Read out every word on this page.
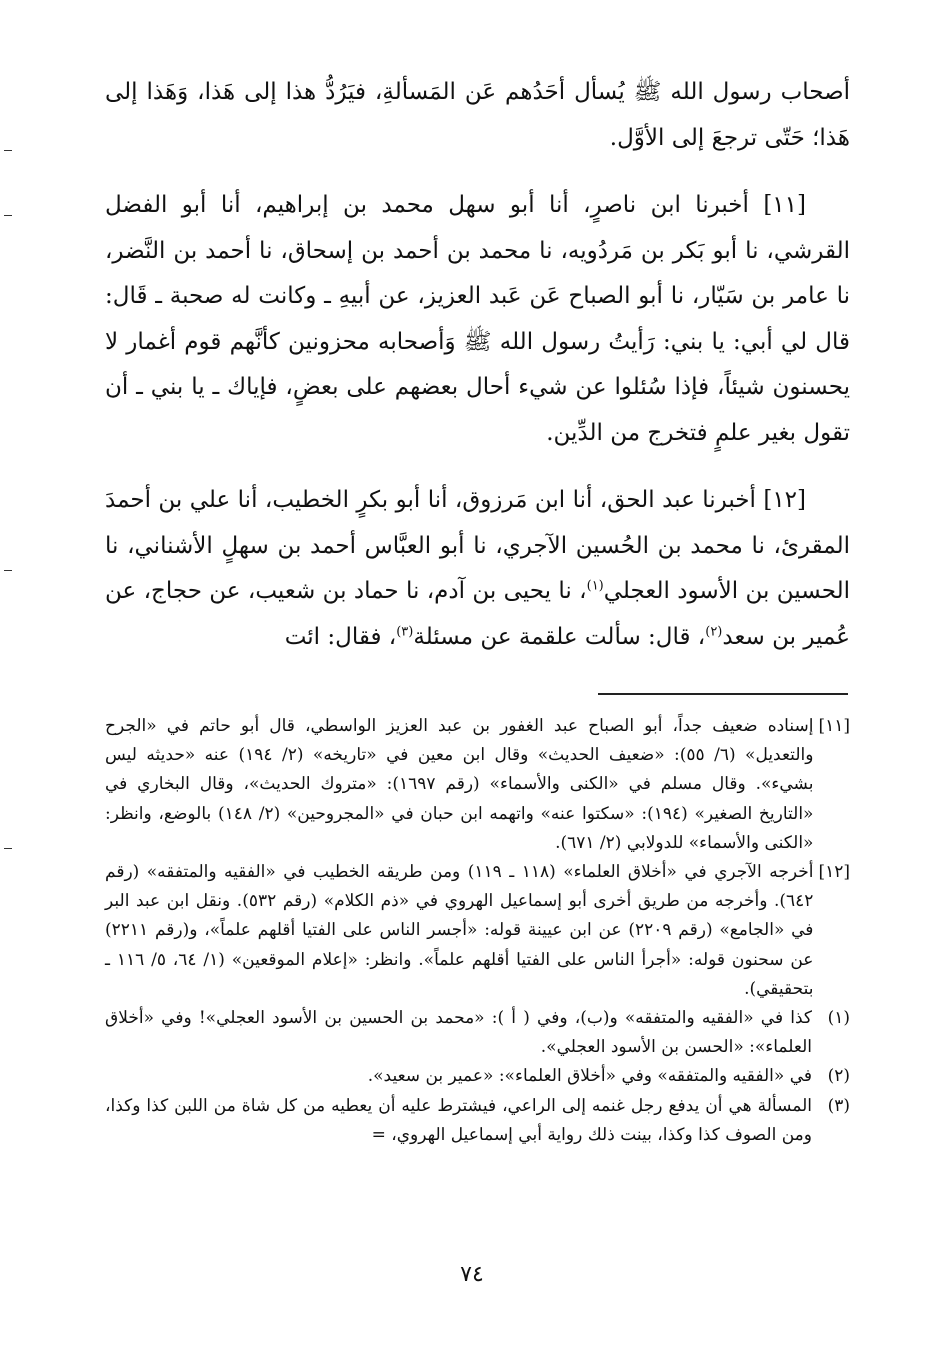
أصحاب رسول الله ﷺ يُسأل أحَدُهم عَن المَسألةِ، فيَرُدُّ هذا إلى هَذا، وَهَذا إلى هَذا؛ حَتّى ترجعَ إلى الأوَّل.

[١١] أخبرنا ابن ناصرٍ، أنا أبو سهل محمد بن إبراهيم، أنا أبو الفضل القرشي، نا أبو بَكر بن مَردُويه، نا محمد بن أحمد بن إسحاق، نا أحمد بن النَّضر، نا عامر بن سَيّار، نا أبو الصباح عَن عَبد العزيز، عن أبيهِ ـ وكانت له صحبة ـ قَال: قال لي أبي: يا بني: رَأيتُ رسول الله ﷺ وَأصحابه محزونين كأنَّهم قوم أغمار لا يحسنون شيئاً، فإذا سُئلوا عن شيء أحال بعضهم على بعضٍ، فإياك ـ يا بني ـ أن تقول بغير علمٍ فتخرج من الدِّين.

[١٢] أخبرنا عبد الحق، أنا ابن مَرزوق، أنا أبو بكرٍ الخطيب، أنا علي بن أحمدَ المقرئ، نا محمد بن الحُسين الآجري، نا أبو العبَّاس أحمد بن سهلٍ الأشناني، نا الحسين بن الأسود العجلي$^{(١)}$، نا يحيى بن آدم، نا حماد بن شعيب، عن حجاج، عن عُمير بن سعد$^{(٢)}$، قال: سألت علقمة عن مسئلة$^{(٣)}$، فقال: ائت

[١١]
إسناده ضعيف جداً، أبو الصباح عبد الغفور بن عبد العزيز الواسطي، قال أبو حاتم في «الجرح والتعديل» (٦/ ٥٥): «ضعيف الحديث» وقال ابن معين في «تاريخه» (٢/ ١٩٤) عنه «حديثه ليس بشيء». وقال مسلم في «الكنى والأسماء» (رقم ١٦٩٧): «متروك الحديث»، وقال البخاري في «التاريخ الصغير» (١٩٤): «سكتوا عنه» واتهمه ابن حبان في «المجروحين» (٢/ ١٤٨) بالوضع، وانظر: «الكنى والأسماء» للدولابي (٢/ ٦٧١).
[١٢]
أخرجه الآجري في «أخلاق العلماء» (١١٨ ـ ١١٩) ومن طريقه الخطيب في «الفقيه والمتفقه» (رقم ٦٤٢). وأخرجه من طريق أخرى أبو إسماعيل الهروي في «ذم الكلام» (رقم ٥٣٢). ونقل ابن عبد البر في «الجامع» (رقم ٢٢٠٩) عن ابن عيينة قوله: «أجسر الناس على الفتيا أقلهم علماً»، و(رقم ٢٢١١) عن سحنون قوله: «أجرأ الناس على الفتيا أقلهم علماً». وانظر: «إعلام الموقعين» (١/ ٦٤، ٥/ ١١٦ ـ بتحقيقي).
(١)
كذا في «الفقيه والمتفقه» و(ب)، وفي ( أ ): «محمد بن الحسين بن الأسود العجلي»! وفي «أخلاق العلماء»: «الحسن بن الأسود العجلي».
(٢)
في «الفقيه والمتفقه» وفي «أخلاق العلماء»: «عمير بن سعيد».
(٣)
المسألة هي أن يدفع رجل غنمه إلى الراعي، فيشترط عليه أن يعطيه من كل شاة من اللبن كذا وكذا، ومن الصوف كذا وكذا، بينت ذلك رواية أبي إسماعيل الهروي، =
٧٤
